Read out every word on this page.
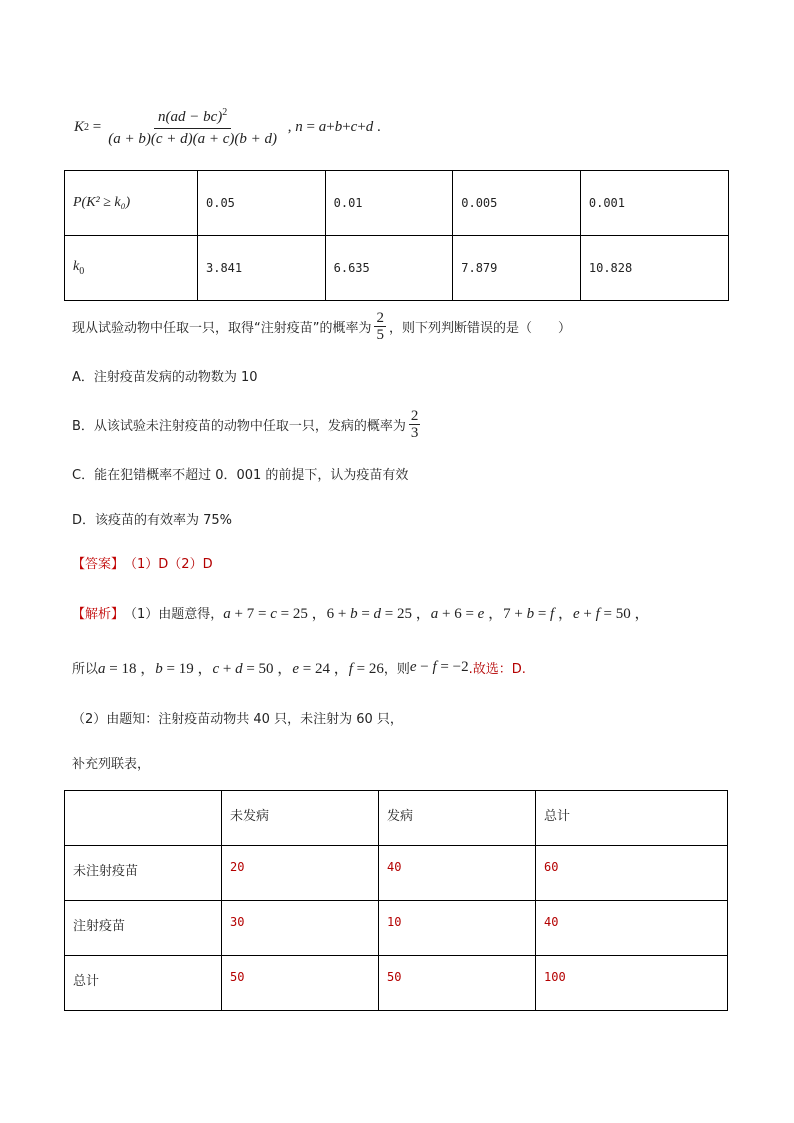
K $2 = \frac{n(ad - bc)^2}{(a + b)(c + d)(a + c)(b + d)}$ , n = a + b + c + d .
P(K² ≥ k₀)	0.05	0.01	0.005	0.001
$k_0$	3.841	6.635	7.879	10.828
现从试验动物中任取一只，取得“注射疫苗”的概率为
2
5 ，则下列判断错误的是（　　）
A．注射疫苗发病的动物数为 10
B．从该试验未注射疫苗的动物中任取一只，发病的概率为
2
3
C．能在犯错概率不超过 0．001 的前提下，认为疫苗有效
D．该疫苗的有效率为 75%
【答案】 （1）D（2）D
【解析】 （1）由题意得， a + 7 = c = 25 ，6 + b = d = 25 ，a + 6 = e ，7 + b = f ，e + f = 50 ，
所以 a = 18 ，b = 19 ，c + d = 50 ，e = 24 ，f = 26 ，则 e − f = −2 .故选：D.
（2）由题知：注射疫苗动物共 40 只，未注射为 60 只，
补充列联表，
	未发病	发病	总计
未注射疫苗	20	40	60
注射疫苗	30	10	40
总计	50	50	100
